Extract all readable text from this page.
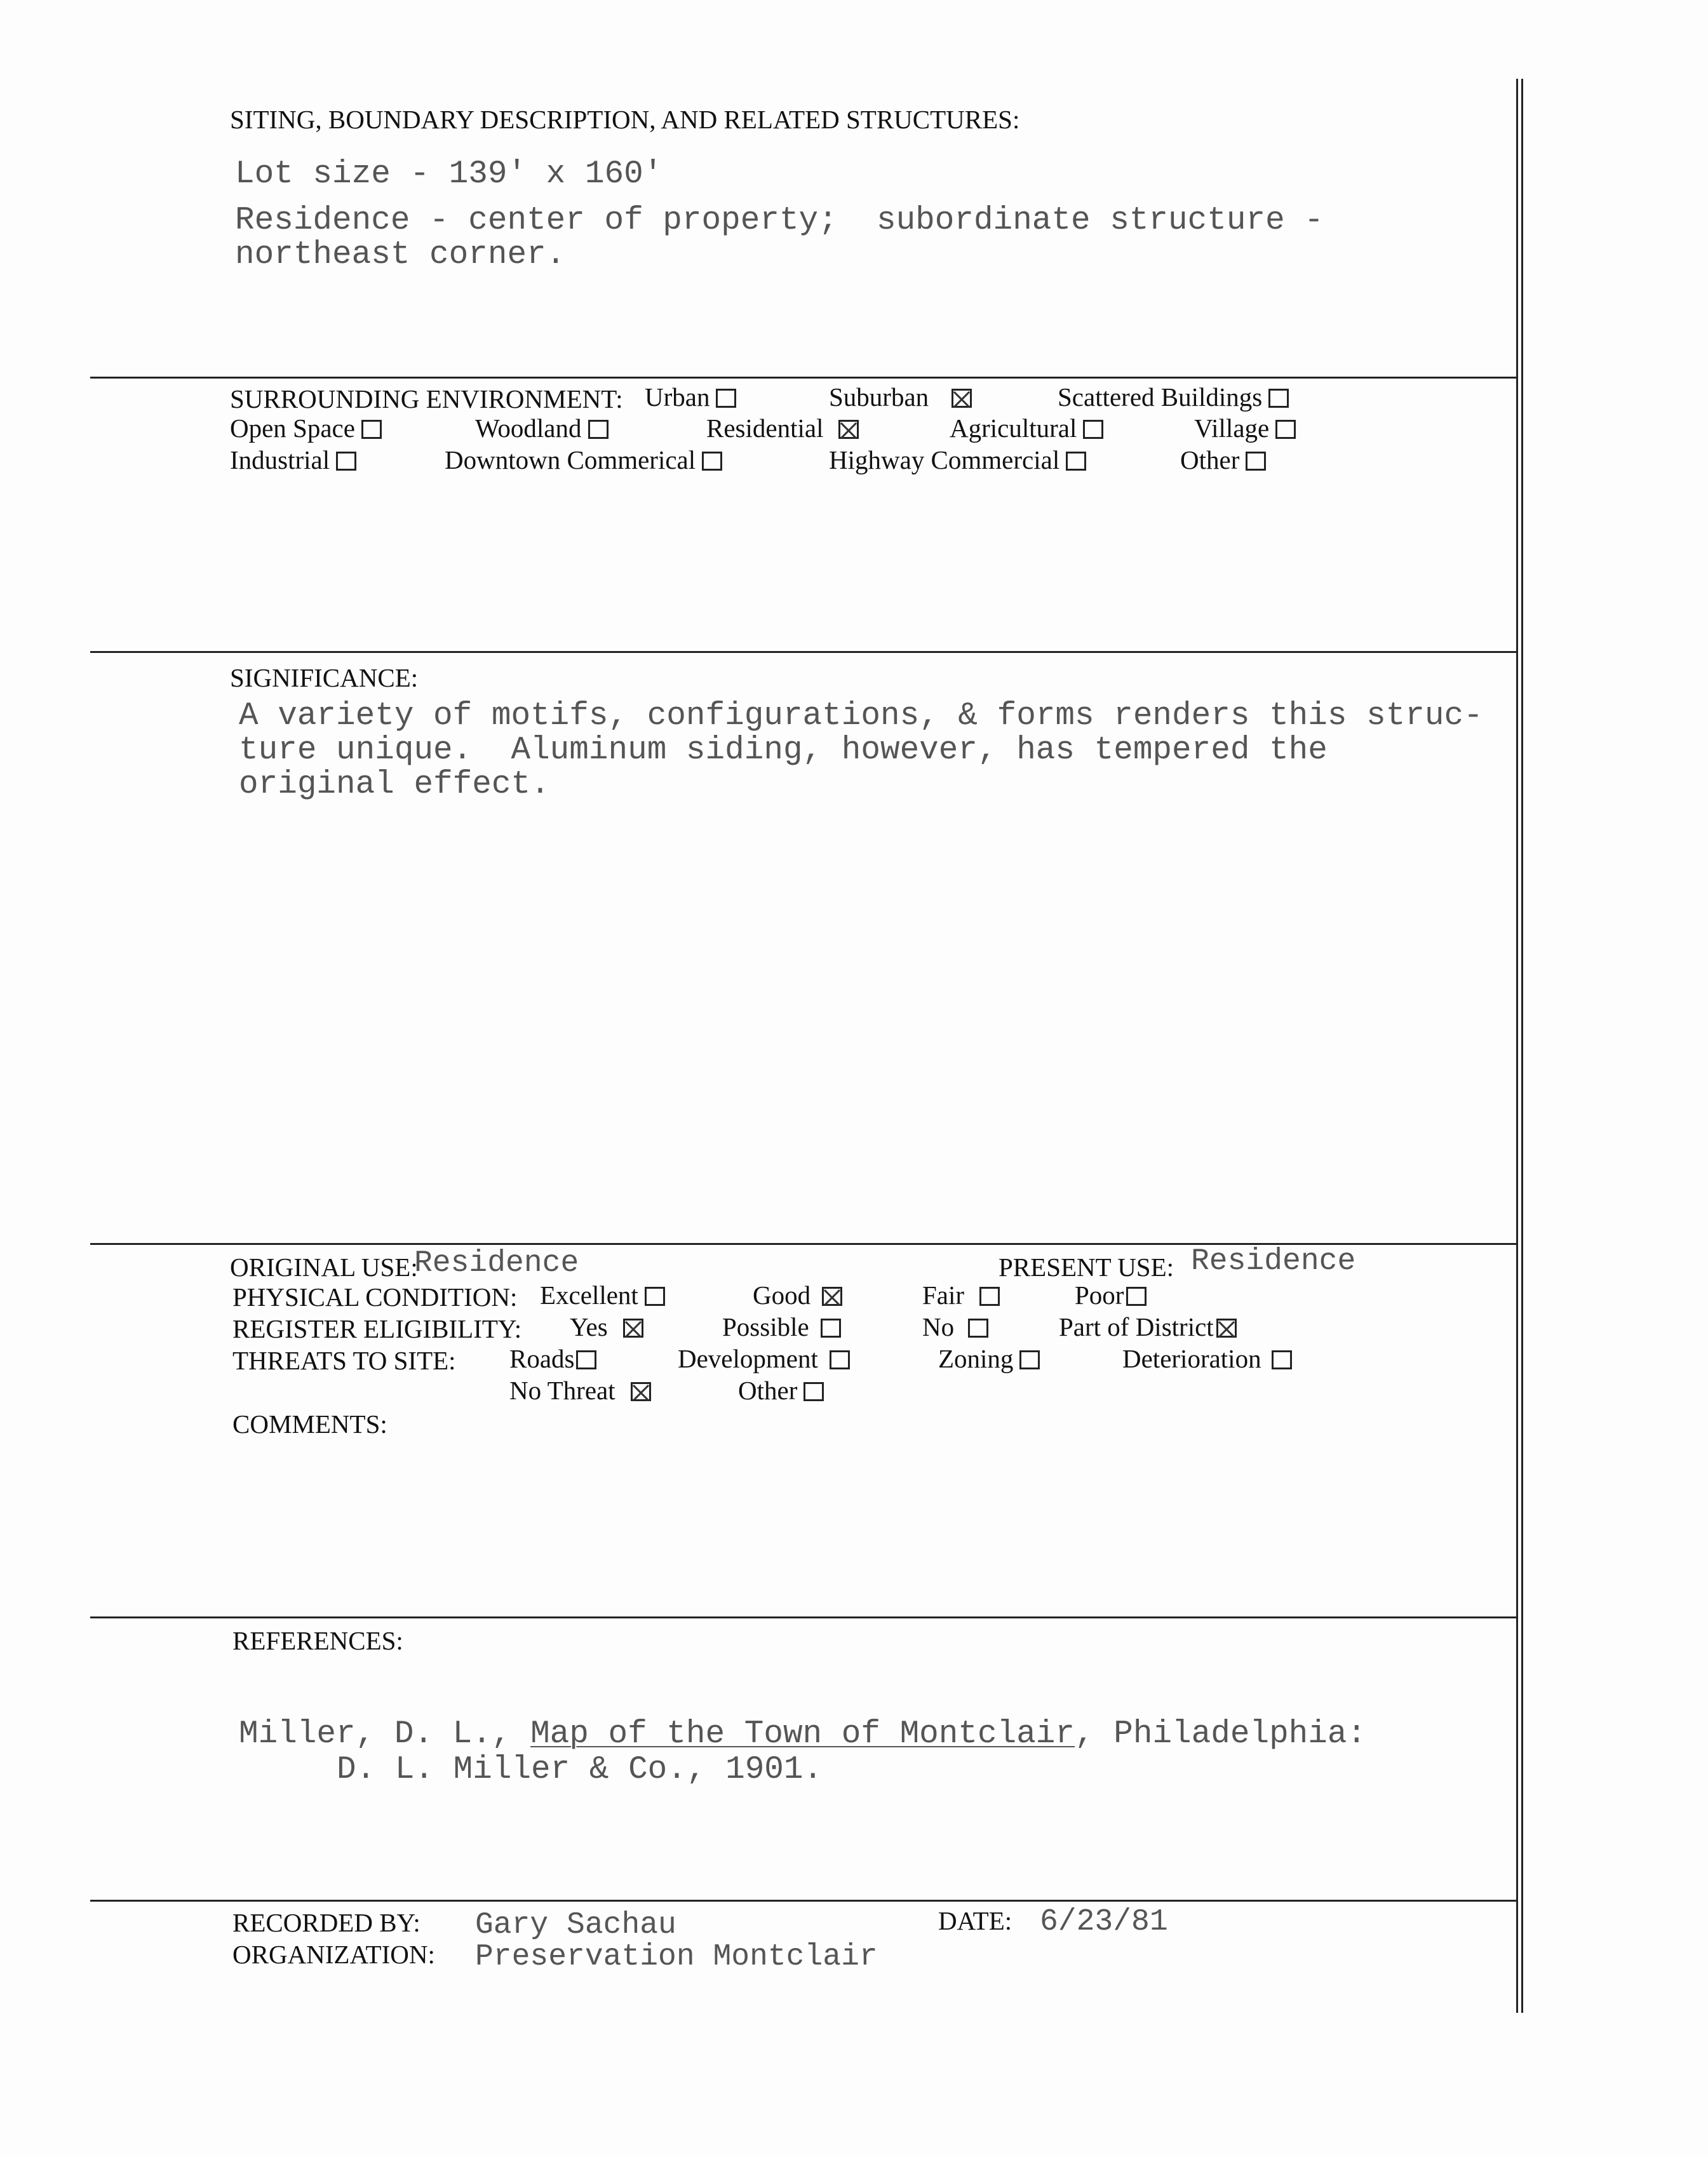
SITING, BOUNDARY DESCRIPTION, AND RELATED STRUCTURES:
Lot size - 139' x 160'
Residence - center of property;  subordinate structure -
northeast corner.
SURROUNDING ENVIRONMENT: Urban	Suburban	Scattered Buildings
Open Space	Woodland	Residential	Agricultural	Village
Industrial	Downtown Commerical	Highway Commercial	Other
SIGNIFICANCE:
A variety of motifs, configurations, & forms renders this struc-
ture unique.  Aluminum siding, however, has tempered the
original effect.
ORIGINAL USE:
Residence	PRESENT USE: Residence
PHYSICAL CONDITION: Excellent	Good	Fair	Poor
REGISTER ELIGIBILITY: Yes	Possible	No	Part of District
THREATS TO SITE: Roads	Development	Zoning	Deterioration
No Threat	Other
COMMENTS:
REFERENCES:
Miller, D. L., Map of the Town of Montclair, Philadelphia:
D. L. Miller & Co., 1901.
RECORDED BY: Gary Sachau
ORGANIZATION: Preservation Montclair
DATE: 6/23/81
